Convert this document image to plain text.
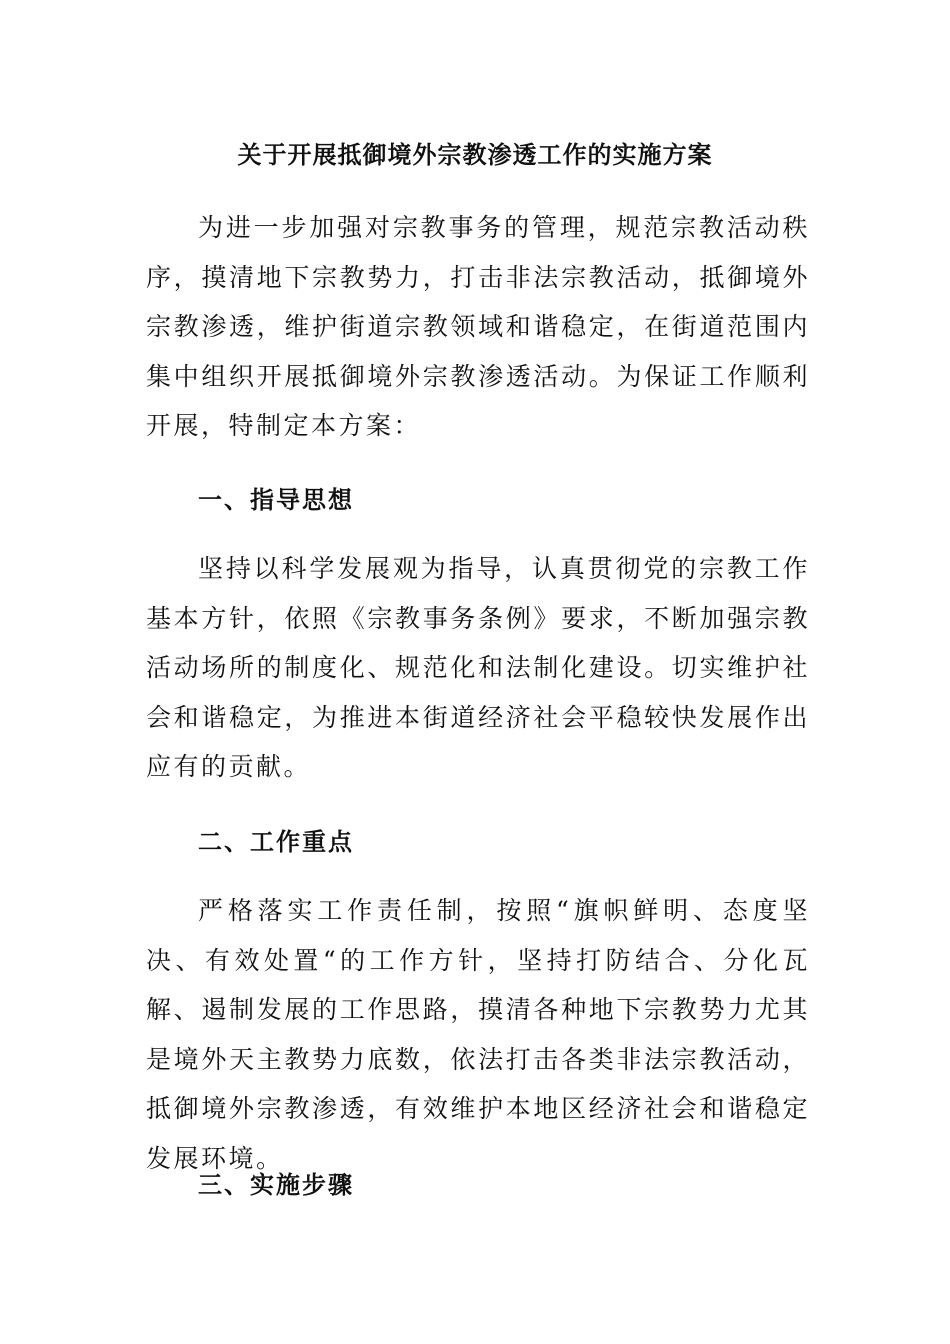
关于开展抵御境外宗教渗透工作的实施方案

为进一步加强对宗教事务的管理，规范宗教活动秩序，摸清地下宗教势力，打击非法宗教活动，抵御境外宗教渗透，维护街道宗教领域和谐稳定，在街道范围内集中组织开展抵御境外宗教渗透活动。为保证工作顺利开展，特制定本方案：

一、指导思想

坚持以科学发展观为指导，认真贯彻党的宗教工作基本方针，依照《宗教事务条例》要求，不断加强宗教活动场所的制度化、规范化和法制化建设。切实维护社会和谐稳定，为推进本街道经济社会平稳较快发展作出应有的贡献。

二、工作重点

严格落实工作责任制，按照“旗帜鲜明、态度坚决、有效处置“的工作方针，坚持打防结合、分化瓦解、遏制发展的工作思路，摸清各种地下宗教势力尤其是境外天主教势力底数，依法打击各类非法宗教活动，抵御境外宗教渗透，有效维护本地区经济社会和谐稳定发展环境。

三、实施步骤
